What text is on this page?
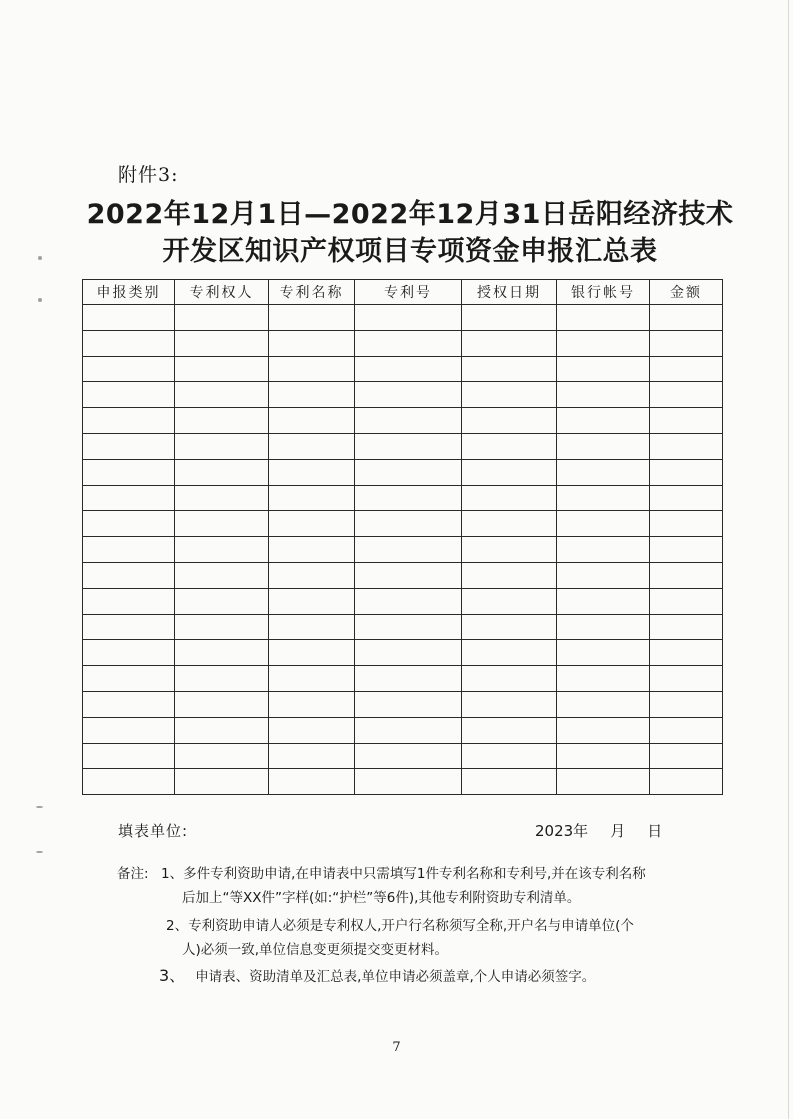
附件3:
2022年12月1日—2022年12月31日岳阳经济技术
开发区知识产权项目专项资金申报汇总表
申报类别	专利权人	专利名称	专利号	授权日期	银行帐号	金额

填表单位:	2023年 月 日
备注: 1、多件专利资助申请,在申请表中只需填写1件专利名称和专利号,并在该专利名称
后加上“等XX件”字样(如:“护栏”等6件),其他专利附资助专利清单。
2、专利资助申请人必须是专利权人,开户行名称须写全称,开户名与申请单位(个
人)必须一致,单位信息变更须提交变更材料。
3、 申请表、资助清单及汇总表,单位申请必须盖章,个人申请必须签字。
7
